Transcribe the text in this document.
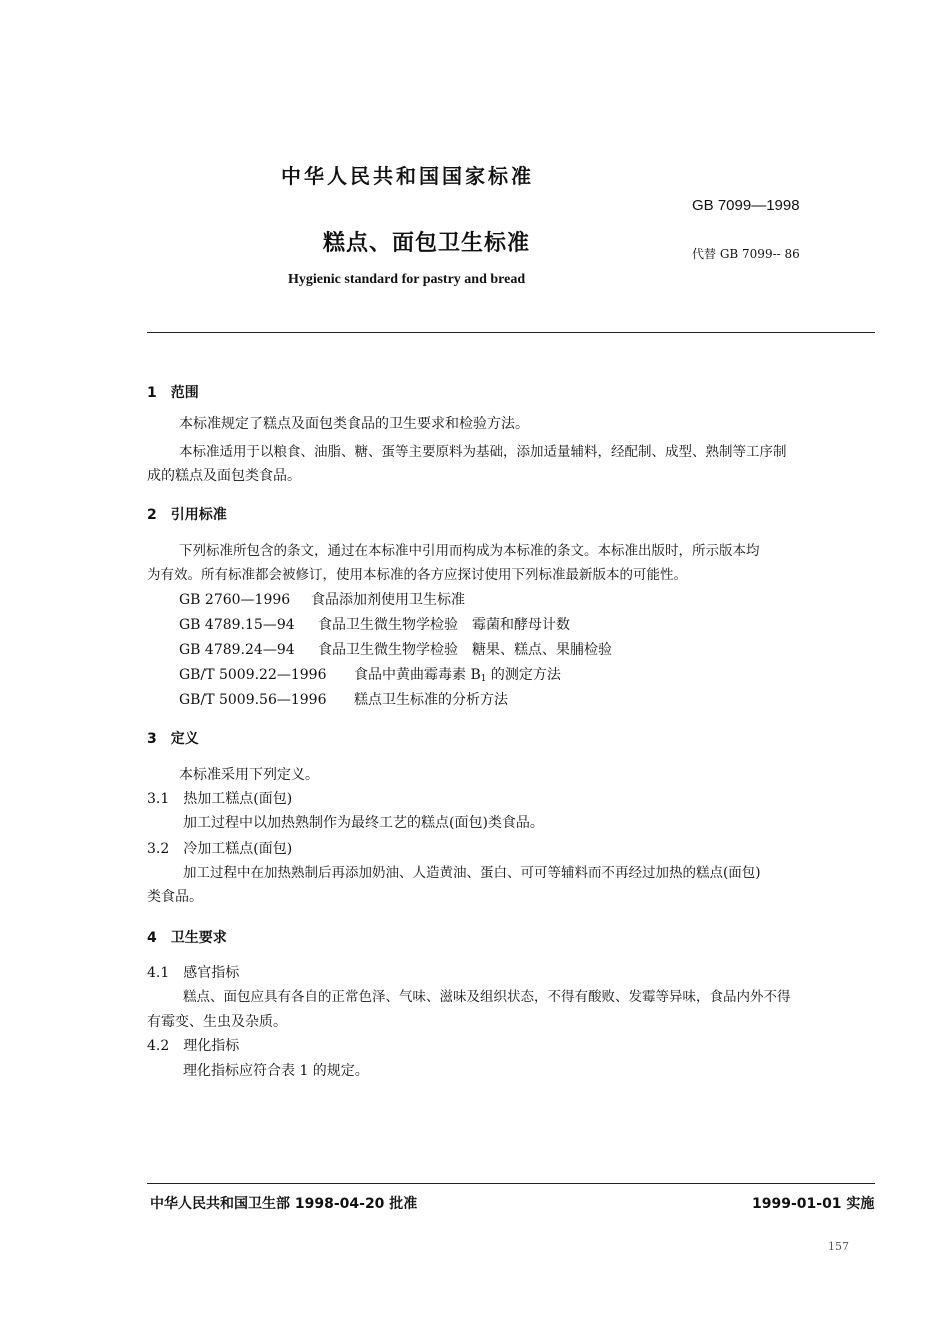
中华人民共和国国家标准
GB 7099—1998
糕点、面包卫生标准	代替 GB 7099-- 86
Hygienic standard for pastry and bread
1　范围
本标准规定了糕点及面包类食品的卫生要求和检验方法。
本标准适用于以粮食、油脂、糖、蛋等主要原料为基础，添加适量辅料，经配制、成型、熟制等工序制
成的糕点及面包类食品。
2　引用标准
下列标准所包含的条文，通过在本标准中引用而构成为本标准的条文。本标准出版时，所示版本均
为有效。所有标准都会被修订，使用本标准的各方应探讨使用下列标准最新版本的可能性。
GB 2760—1996 食品添加剂使用卫生标准
GB 4789.15—94 食品卫生微生物学检验　霉菌和酵母计数
GB 4789.24—94 食品卫生微生物学检验　糖果、糕点、果脯检验
GB/T 5009.22—1996 食品中黄曲霉毒素 $B_1$ 的测定方法
GB/T 5009.56—1996 糕点卫生标准的分析方法
3　定义
本标准采用下列定义。
3.1　热加工糕点(面包)
加工过程中以加热熟制作为最终工艺的糕点(面包)类食品。
3.2　冷加工糕点(面包)
加工过程中在加热熟制后再添加奶油、人造黄油、蛋白、可可等辅料而不再经过加热的糕点(面包)
类食品。
4　卫生要求
4.1　感官指标
糕点、面包应具有各自的正常色泽、气味、滋味及组织状态，不得有酸败、发霉等异味，食品内外不得
有霉变、生虫及杂质。
4.2　理化指标
理化指标应符合表 1 的规定。
中华人民共和国卫生部 1998-04-20 批准	1999-01-01 实施
157
